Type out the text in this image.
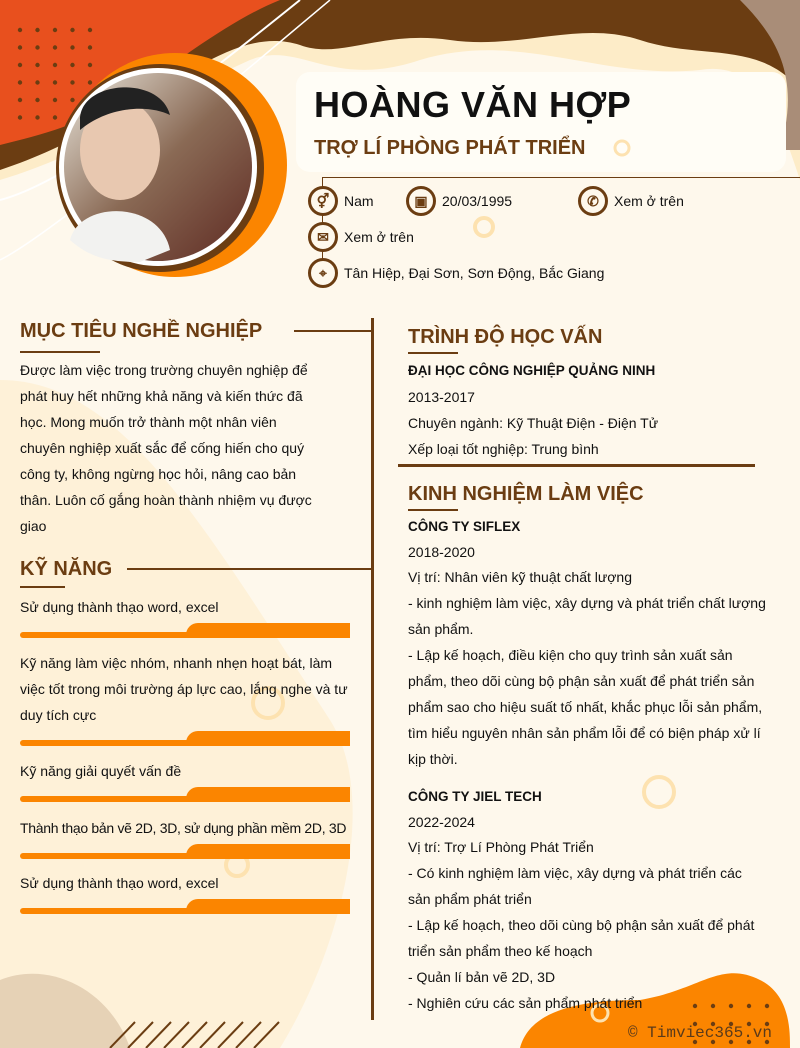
HOÀNG VĂN HỢP
TRỢ LÍ PHÒNG PHÁT TRIỂN
⚥	Nam	▣	20/03/1995	✆	Xem ở trên
✉	Xem ở trên
⌖	Tân Hiệp, Đại Sơn, Sơn Động, Bắc Giang
MỤC TIÊU NGHỀ NGHIỆP
Được làm việc trong trường chuyên nghiệp để phát huy hết những khả năng và kiến thức đã học. Mong muốn trở thành một nhân viên chuyên nghiệp xuất sắc để cống hiến cho quý công ty, không ngừng học hỏi, nâng cao bản thân. Luôn cố gắng hoàn thành nhiệm vụ được giao
KỸ NĂNG
Sử dụng thành thạo word, excel
Kỹ năng làm việc nhóm, nhanh nhẹn hoạt bát, làm việc tốt trong môi trường áp lực cao, lắng nghe và tư duy tích cực
Kỹ năng giải quyết vấn đề
Thành thạo bản vẽ 2D, 3D, sử dụng phần mềm 2D, 3D
Sử dụng thành thạo word, excel
TRÌNH ĐỘ HỌC VẤN
ĐẠI HỌC CÔNG NGHIỆP QUẢNG NINH
2013-2017
Chuyên ngành: Kỹ Thuật Điện - Điện Tử
Xếp loại tốt nghiệp: Trung bình
KINH NGHIỆM LÀM VIỆC
CÔNG TY SIFLEX
2018-2020
Vị trí: Nhân viên kỹ thuật chất lượng
- kinh nghiệm làm việc, xây dựng và phát triển chất lượng sản phẩm.
- Lập kế hoạch, điều kiện cho quy trình sản xuất sản phẩm, theo dõi cùng bộ phận sản xuất để phát triển sản phẩm sao cho hiệu suất tố nhất, khắc phục lỗi sản phẩm, tìm hiểu nguyên nhân sản phẩm lỗi để có biện pháp xử lí kịp thời.
CÔNG TY JIEL TECH
2022-2024
Vị trí: Trợ Lí Phòng Phát Triển
- Có kinh nghiệm làm việc, xây dựng và phát triển các sản phẩm phát triển
- Lập kế hoạch, theo dõi cùng bộ phận sản xuất để phát triển sản phẩm theo kế hoạch
- Quản lí bản vẽ 2D, 3D
- Nghiên cứu các sản phẩm phát triển
© Timviec365.vn
